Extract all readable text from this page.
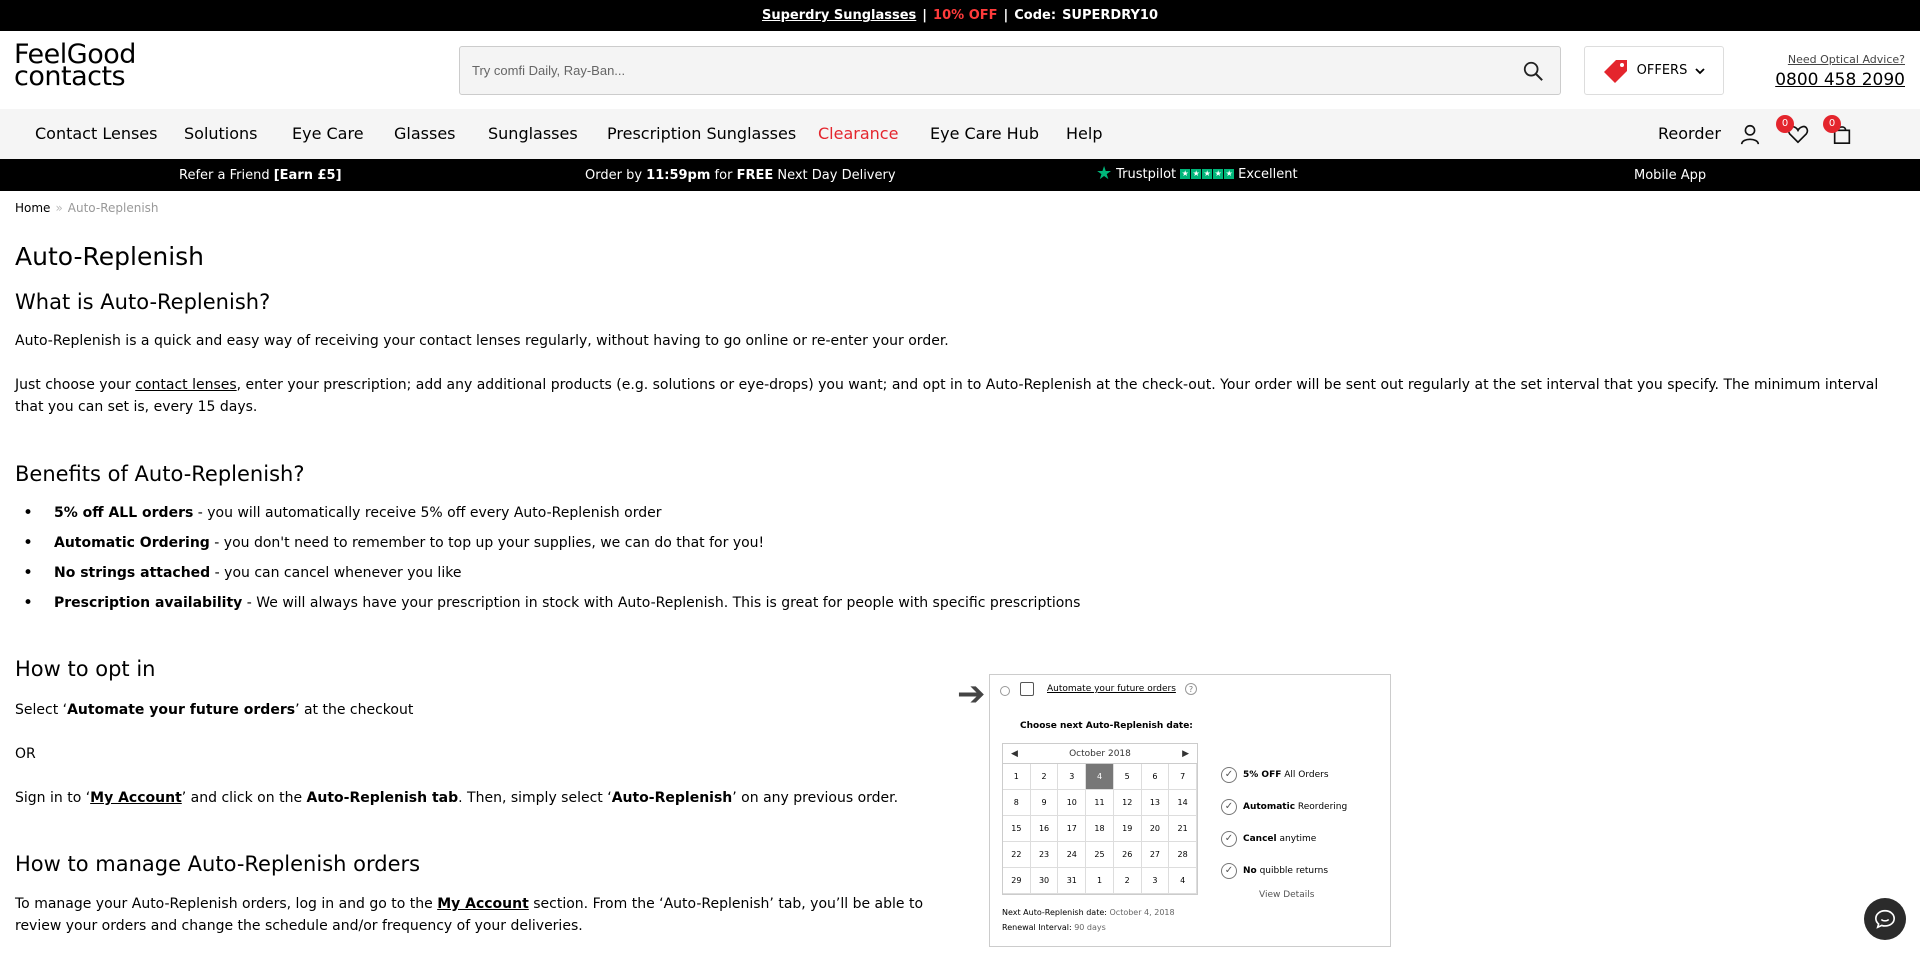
Superdry Sunglasses | 10% OFF | Code: SUPERDRY10
FeelGood
contacts
Try comfi Daily, Ray-Ban...	OFFERS
Need Optical Advice?
0800 458 2090
Contact Lenses Solutions Eye Care Glasses Sunglasses Prescription Sunglasses Clearance Eye Care Hub Help	Reorder
0	0
Refer a Friend [Earn £5]	Order by 11:59pm for FREE Next Day Delivery	★ Trustpilot ★ ★ ★ ★ ★ Excellent	Mobile App
Home » Auto-Replenish
Auto-Replenish
What is Auto-Replenish?

Auto-Replenish is a quick and easy way of receiving your contact lenses regularly, without having to go online or re-enter your order.

Just choose your contact lenses, enter your prescription; add any additional products (e.g. solutions or eye-drops) you want; and opt in to Auto-Replenish at the check-out. Your order will be sent out regularly at the set interval that you specify. The minimum interval that you can set is, every 15 days.

Benefits of Auto-Replenish?
• 5% off ALL orders - you will automatically receive 5% off every Auto-Replenish order
• Automatic Ordering - you don't need to remember to top up your supplies, we can do that for you!
• No strings attached - you can cancel whenever you like
• Prescription availability - We will always have your prescription in stock with Auto-Replenish. This is great for people with specific prescriptions
How to opt in

Select ‘Automate your future orders’ at the checkout

OR

Sign in to ‘My Account’ and click on the Auto-Replenish tab. Then, simply select ‘Auto-Replenish’ on any previous order.

How to manage Auto-Replenish orders

To manage your Auto-Replenish orders, log in and go to the My Account section. From the ‘Auto-Replenish’ tab, you’ll be able to review your orders and change the schedule and/or frequency of your deliveries.

➔	Automate your future orders	?
Choose next Auto-Replenish date:
◀	October 2018	▶
1	2	3	4	5	6	7
8	9	10	11	12	13	14
15	16	17	18	19	20	21
22	23	24	25	26	27	28
29	30	31	1	2	3	4
✓	5% OFF All Orders
✓	Automatic Reordering
✓	Cancel anytime
✓	No quibble returns
View Details
Next Auto-Replenish date: October 4, 2018
Renewal Interval: 90 days
